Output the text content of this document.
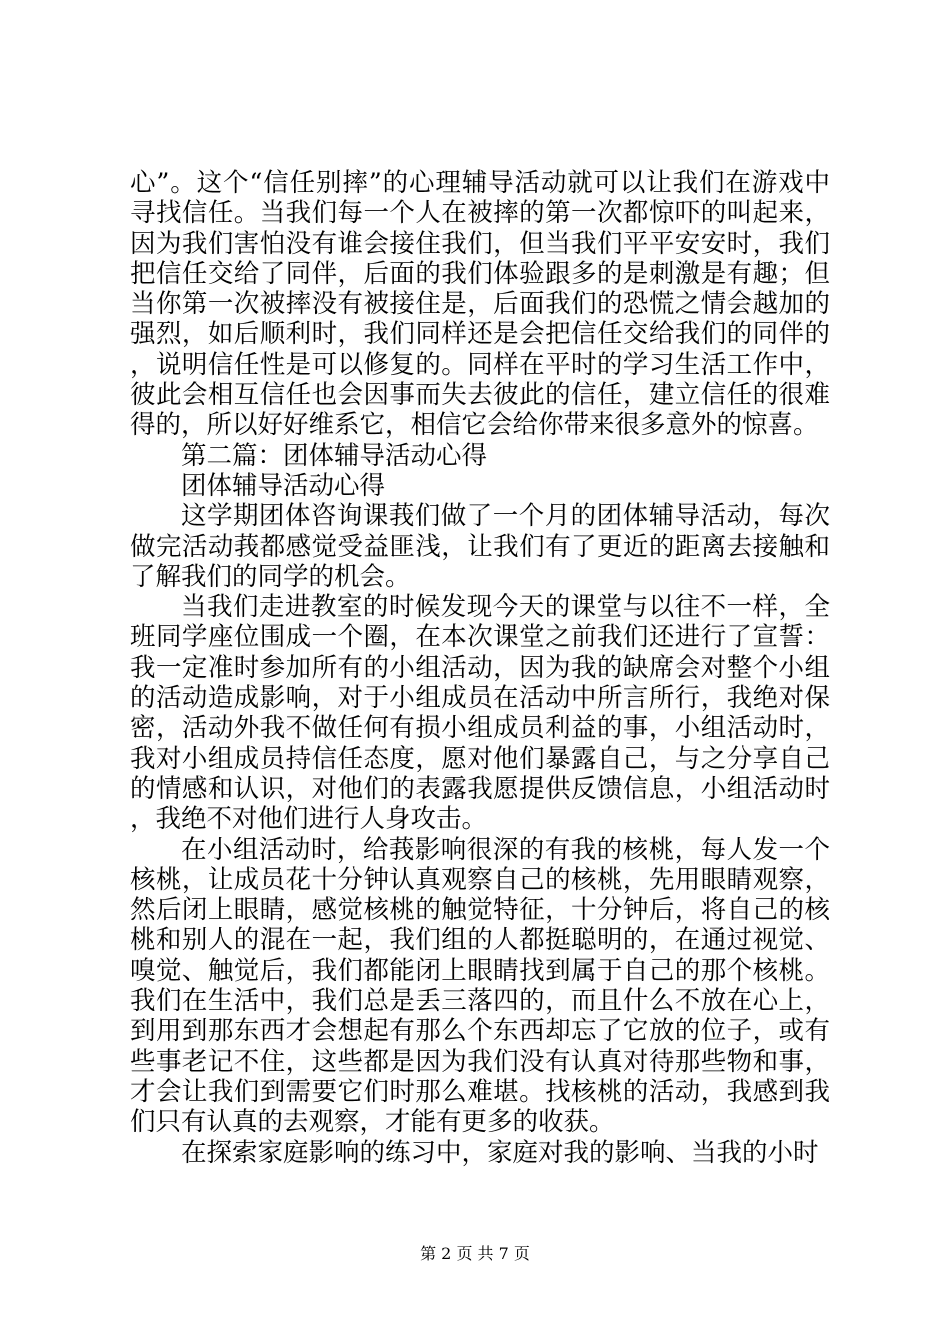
心”。这个“信任别摔”的心理辅导活动就可以让我们在游戏中寻找信任。当我们每一个人在被摔的第一次都惊吓的叫起来，因为我们害怕没有谁会接住我们，但当我们平平安安时，我们把信任交给了同伴，后面的我们体验跟多的是刺激是有趣；但当你第一次被摔没有被接住是，后面我们的恐慌之情会越加的强烈，如后顺利时，我们同样还是会把信任交给我们的同伴的，说明信任性是可以修复的。同样在平时的学习生活工作中，彼此会相互信任也会因事而失去彼此的信任，建立信任的很难得的，所以好好维系它，相信它会给你带来很多意外的惊喜。

第二篇：团体辅导活动心得

团体辅导活动心得

这学期团体咨询课莪们做了一个月的团体辅导活动，每次做完活动莪都感觉受益匪浅，让我们有了更近的距离去接触和了解我们的同学的机会。

当我们走进教室的时候发现今天的课堂与以往不一样，全班同学座位围成一个圈，在本次课堂之前我们还进行了宣誓：我一定准时参加所有的小组活动，因为我的缺席会对整个小组的活动造成影响，对于小组成员在活动中所言所行，我绝对保密，活动外我不做任何有损小组成员利益的事，小组活动时，我对小组成员持信任态度，愿对他们暴露自己，与之分享自己的情感和认识，对他们的表露我愿提供反馈信息，小组活动时，我绝不对他们进行人身攻击。

在小组活动时，给莪影响很深的有我的核桃，每人发一个核桃，让成员花十分钟认真观察自己的核桃，先用眼睛观察，然后闭上眼睛，感觉核桃的触觉特征，十分钟后，将自己的核桃和别人的混在一起，我们组的人都挺聪明的，在通过视觉、嗅觉、触觉后，我们都能闭上眼睛找到属于自己的那个核桃。我们在生活中，我们总是丢三落四的，而且什么不放在心上，到用到那东西才会想起有那么个东西却忘了它放的位子，或有些事老记不住，这些都是因为我们没有认真对待那些物和事，才会让我们到需要它们时那么难堪。找核桃的活动，我感到我们只有认真的去观察，才能有更多的收获。

在探索家庭影响的练习中，家庭对我的影响、当我的小时

第 2 页 共 7 页
